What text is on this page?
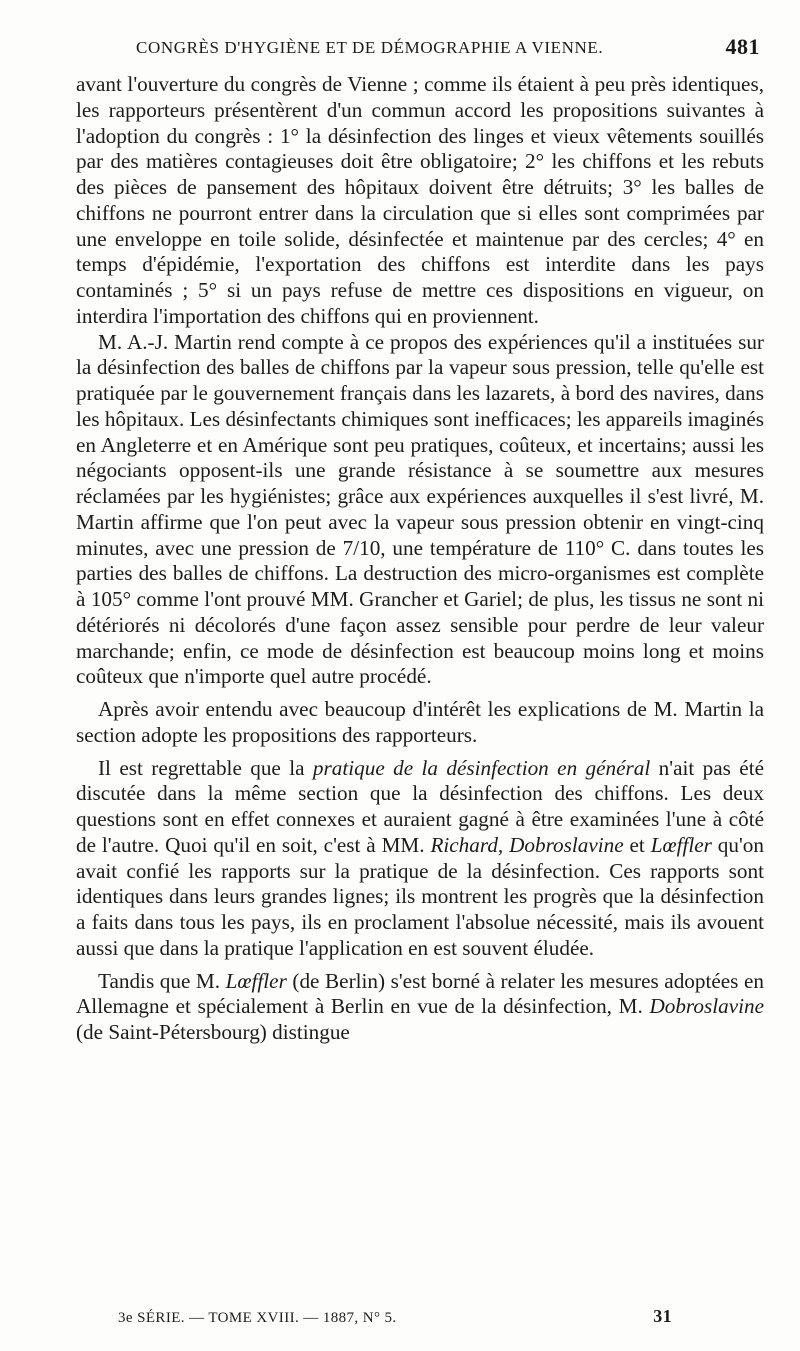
CONGRÈS D'HYGIÈNE ET DE DÉMOGRAPHIE A VIENNE.	481

avant l'ouverture du congrès de Vienne ; comme ils étaient à peu près identiques, les rapporteurs présentèrent d'un commun accord les propositions suivantes à l'adoption du congrès : 1° la désinfection des linges et vieux vêtements souillés par des matières contagieuses doit être obligatoire; 2° les chiffons et les rebuts des pièces de pansement des hôpitaux doivent être détruits; 3° les balles de chiffons ne pourront entrer dans la circulation que si elles sont comprimées par une enveloppe en toile solide, désinfectée et maintenue par des cercles; 4° en temps d'épidémie, l'exportation des chiffons est interdite dans les pays contaminés ; 5° si un pays refuse de mettre ces dispositions en vigueur, on interdira l'importation des chiffons qui en proviennent.

M. A.-J. Martin rend compte à ce propos des expériences qu'il a instituées sur la désinfection des balles de chiffons par la vapeur sous pression, telle qu'elle est pratiquée par le gouvernement français dans les lazarets, à bord des navires, dans les hôpitaux. Les désinfectants chimiques sont inefficaces; les appareils imaginés en Angleterre et en Amérique sont peu pratiques, coûteux, et incertains; aussi les négociants opposent-ils une grande résistance à se soumettre aux mesures réclamées par les hygiénistes; grâce aux expériences auxquelles il s'est livré, M. Martin affirme que l'on peut avec la vapeur sous pression obtenir en vingt-cinq minutes, avec une pression de 7/10, une température de 110° C. dans toutes les parties des balles de chiffons. La destruction des micro-organismes est complète à 105° comme l'ont prouvé MM. Grancher et Gariel; de plus, les tissus ne sont ni détériorés ni décolorés d'une façon assez sensible pour perdre de leur valeur marchande; enfin, ce mode de désinfection est beaucoup moins long et moins coûteux que n'importe quel autre procédé.

Après avoir entendu avec beaucoup d'intérêt les explications de M. Martin la section adopte les propositions des rapporteurs.

Il est regrettable que la pratique de la désinfection en général n'ait pas été discutée dans la même section que la désinfection des chiffons. Les deux questions sont en effet connexes et auraient gagné à être examinées l'une à côté de l'autre. Quoi qu'il en soit, c'est à MM. Richard, Dobroslavine et Lœffler qu'on avait confié les rapports sur la pratique de la désinfection. Ces rapports sont identiques dans leurs grandes lignes; ils montrent les progrès que la désinfection a faits dans tous les pays, ils en proclament l'absolue nécessité, mais ils avouent aussi que dans la pratique l'application en est souvent éludée.

Tandis que M. Lœffler (de Berlin) s'est borné à relater les mesures adoptées en Allemagne et spécialement à Berlin en vue de la désinfection, M. Dobroslavine (de Saint-Pétersbourg) distingue

3e SÉRIE. — TOME XVIII. — 1887, N° 5.	31
